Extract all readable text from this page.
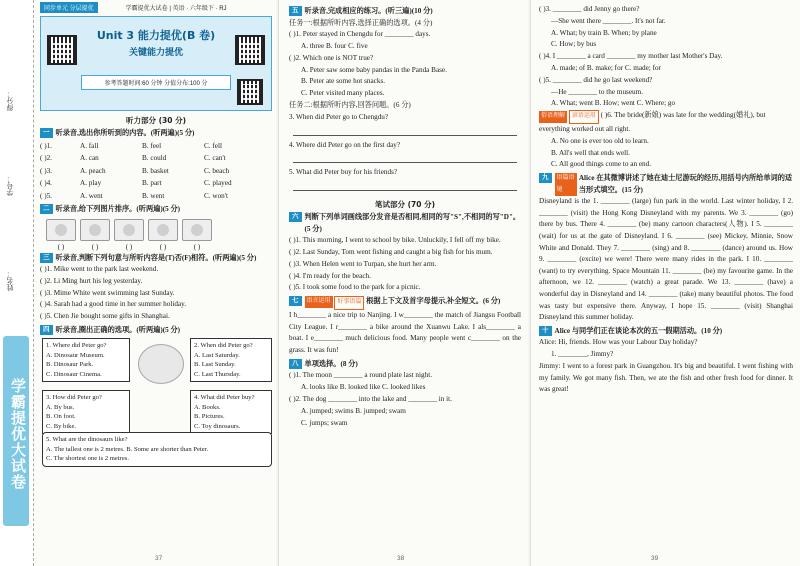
得分：
学号：
姓名：
学霸提优大试卷
同步单元 分层提优	学霸提优大试卷 | 英语 · 六年级下 · RJ
Unit 3 能力提优(B 卷)
关键能力提优
参考答题时间:60 分钟 分值分布:100 分
听力部分 (30 分)
一 听录音,选出你所听到的内容。(听两遍)(5 分)
( )1.	A. fall	B. feel	C. fell
( )2.	A. can	B. could	C. can't
( )3.	A. peach	B. basket	C. beach
( )4.	A. play	B. part	C. played
( )5.	A. went	B. went	C. won't
二 听录音,给下列图片排序。(听两遍)(5 分)
( )	( )	( )	( )	( )
三 听录音,判断下列句意与所听内容是(T)否(F)相符。(听两遍)(5 分)
( )1. Mike went to the park last weekend.
( )2. Li Ming hurt his leg yesterday.
( )3. Mime White went swimming last Sunday.
( )4. Sarah had a good time in her summer holiday.
( )5. Chen Jie bought some gifts in Shanghai.
四 听录音,圈出正确的选项。(听两遍)(5 分)
1. Where did Peter go?
A. Dinosaur Museum.
B. Dinosaur Park.
C. Dinosaur Cinema.
2. When did Peter go?
A. Last Saturday.
B. Last Sunday.
C. Last Thursday.
3. How did Peter go?
A. By bus.
B. On foot.
C. By bike.
4. What did Peter buy?
A. Books.
B. Pictures.
C. Toy dinosaurs.
5. What are the dinosaurs like?
A. The tallest one is 2 metres. B. Some are shorter than Peter.
C. The shortest one is 2 metres.
37
五 听录音,完成相应的练习。(听三遍)(10 分)
任务一:根据所听内容,选择正确的选项。(4 分)
( )1. Peter stayed in Chengdu for ________ days.
A. three B. four C. five
( )2. Which one is NOT true?
A. Peter saw some baby pandas in the Panda Base.
B. Peter ate some hot snacks.
C. Peter visited many places.
任务二:根据所听内容,回答问题。(6 分)
3. When did Peter go to Chengdu?
4. Where did Peter go on the first day?
5. What did Peter buy for his friends?
笔试部分 (70 分)
六 判断下列单词画线部分发音是否相同,相同的写"S",不相同的写"D"。(5 分)
( )1. This morning, I went to school by bike. Unluckily, I fell off my bike.
( )2. Last Sunday, Tom went fishing and caught a big fish for his mum.
( )3. When Helen went to Turpan, she hurt her arm.
( )4. I'm ready for the beach.
( )5. I took some food to the park for a picnic.
七	语言运用
	好事语篇
根据上下文及首字母提示,补全短文。(6 分)
I h________ a nice trip to Nanjing. I w________ the match of Jiangsu Football City League. I r________ a bike around the Xuanwu Lake. I als________ a boat. I e________ much delicious food. Many people went c________ on the grass. It was fun!
八 单项选择。(8 分)
( )1. The moon ________ a round plate last night.
A. looks like B. looked like C. looked likes
( )2. The dog ________ into the lake and ________ in it.
A. jumped; swims B. jumped; swam
C. jumps; swam
38
( )3. ________ did Jenny go there?
—She went there ________. It's not far.
A. What; by train B. When; by plane
C. How; by bus
( )4. I ________ a card ________ my mother last Mother's Day.
A. made; of B. make; for C. made; for
( )5. ________ did he go last weekend?
—He ________ to the museum.
A. What; went B. How; went C. Where; go
俗语理解 谚语运用 ( )6. The bride(新娘) was late for the wedding(婚礼), but everything worked out all right.
A. No one is ever too old to learn.
B. All's well that ends well.
C. All good things come to an end.
九	语篇语境

Alice 在其微博讲述了她在迪士尼游玩的经历,用括号内所给单词的适当形式填空。(15 分)
Disneyland is the 1. ________ (large) fun park in the world. Last winter holiday, I 2. ________ (visit) the Hong Kong Disneyland with my parents. We 3. ________ (go) there by bus. There 4. ________ (be) many cartoon characters(人物). I 5. ________ (wait) for us at the gate of Disneyland. I 6. ________ (see) Mickey, Minnie, Snow White and Donald. They 7. ________ (sing) and 8. ________ (dance) around us. How 9. ________ (excite) we were! There were many rides in the park. I 10. ________ (want) to try everything. Space Mountain 11. ________ (be) my favourite game. In the afternoon, we 12. ________ (watch) a great parade. We 13. ________ (have) a wonderful day in Disneyland and 14. ________ (take) many beautiful photos. The food was tasty but expensive there. Anyway, I hope 15. ________ (visit) Shanghai Disneyland this summer holiday.
十 Alice 与同学们正在谈论本次的五一假期活动。(10 分)
Alice: Hi, friends. How was your Labour Day holiday?
1. ________, Jimmy?
Jimmy: I went to a forest park in Guangzhou. It's big and beautiful. I went fishing with my family. We got many fish. Then, we ate the fish and other fresh food for dinner. It was great!
39
